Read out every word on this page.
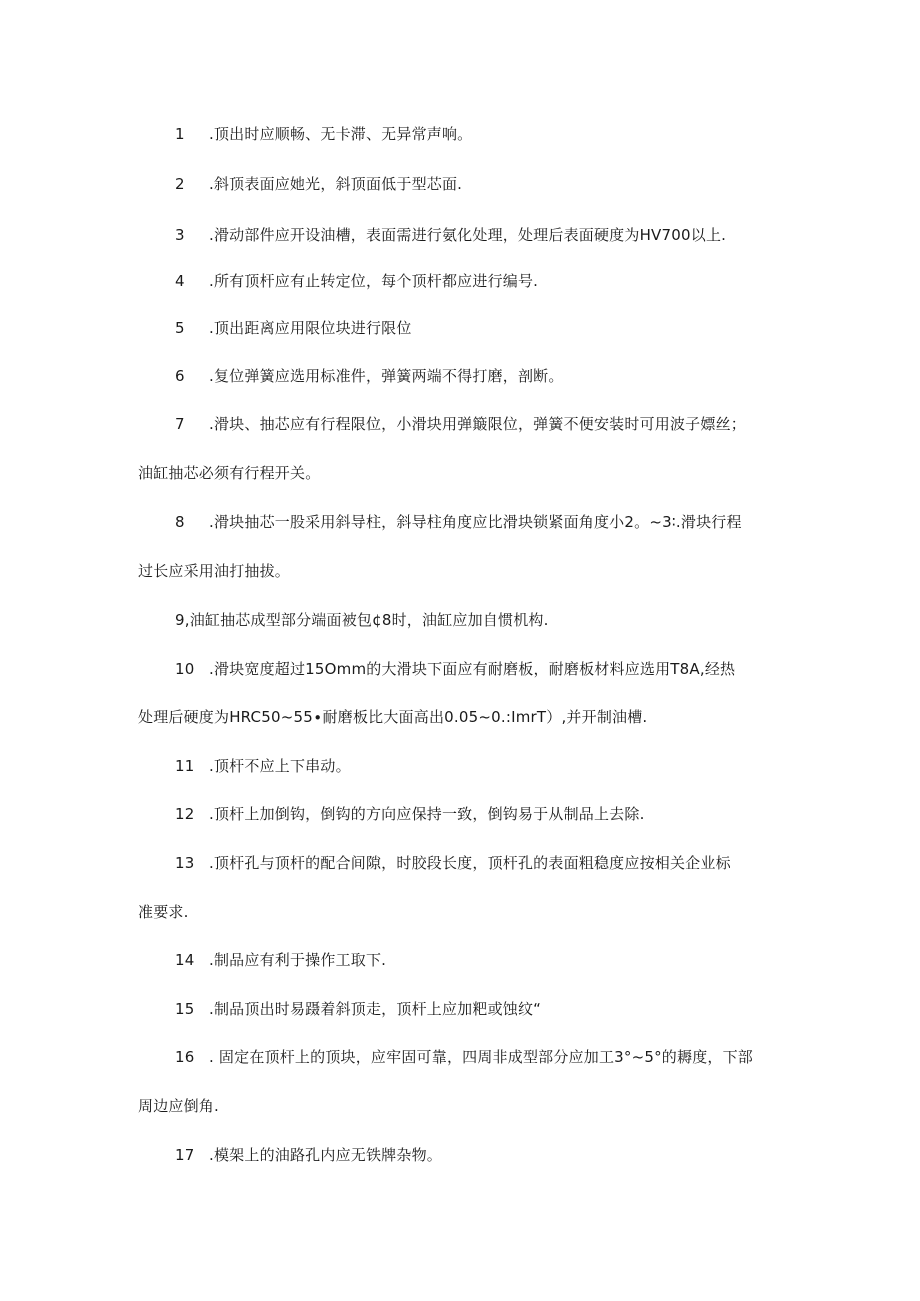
1 .顶出时应顺畅、无卡滞、无异常声响。
2 .斜顶表面应她光，斜顶面低于型芯面.
3 .滑动部件应开设油槽，表面需进行氨化处理，处理后表面硬度为HV700以上.
4 .所有顶杆应有止转定位，每个顶杆都应进行编号.
5 .顶出距离应用限位块进行限位
6 .复位弹簧应选用标准件，弹簧两端不得打磨，剖断。
7 .滑块、抽芯应有行程限位，小滑块用弹簸限位，弹簧不便安装时可用波子嫖丝；
油缸抽芯必须有行程开关。
8 .滑块抽芯一股采用斜导柱，斜导柱角度应比滑块锁紧面角度小2。~3∶.滑块行程
过长应采用油打抽拔。
9,油缸抽芯成型部分端面被包¢8时，油缸应加自惯机构.
10 .滑块宽度超过15Omm的大滑块下面应有耐磨板，耐磨板材料应选用T8A,经热
处理后硬度为HRC50~55∙耐磨板比大面高出0.05~0.:ImrT）,并开制油槽.
11 .顶杆不应上下串动。
12 .顶杆上加倒钩，倒钩的方向应保持一致，倒钩易于从制品上去除.
13 .顶杆孔与顶杆的配合间隙，时胶段长度，顶杆孔的表面粗稳度应按相关企业标
准要求.
14 .制品应有利于操作工取下.
15 .制品顶出时易蹑着斜顶走，顶杆上应加粑或蚀纹“
16 . 固定在顶杆上的顶块，应牢固可靠，四周非成型部分应加工3°~5°的耨度，下部
周边应倒角.
17 .模架上的油路孔内应无铁牌杂物。
